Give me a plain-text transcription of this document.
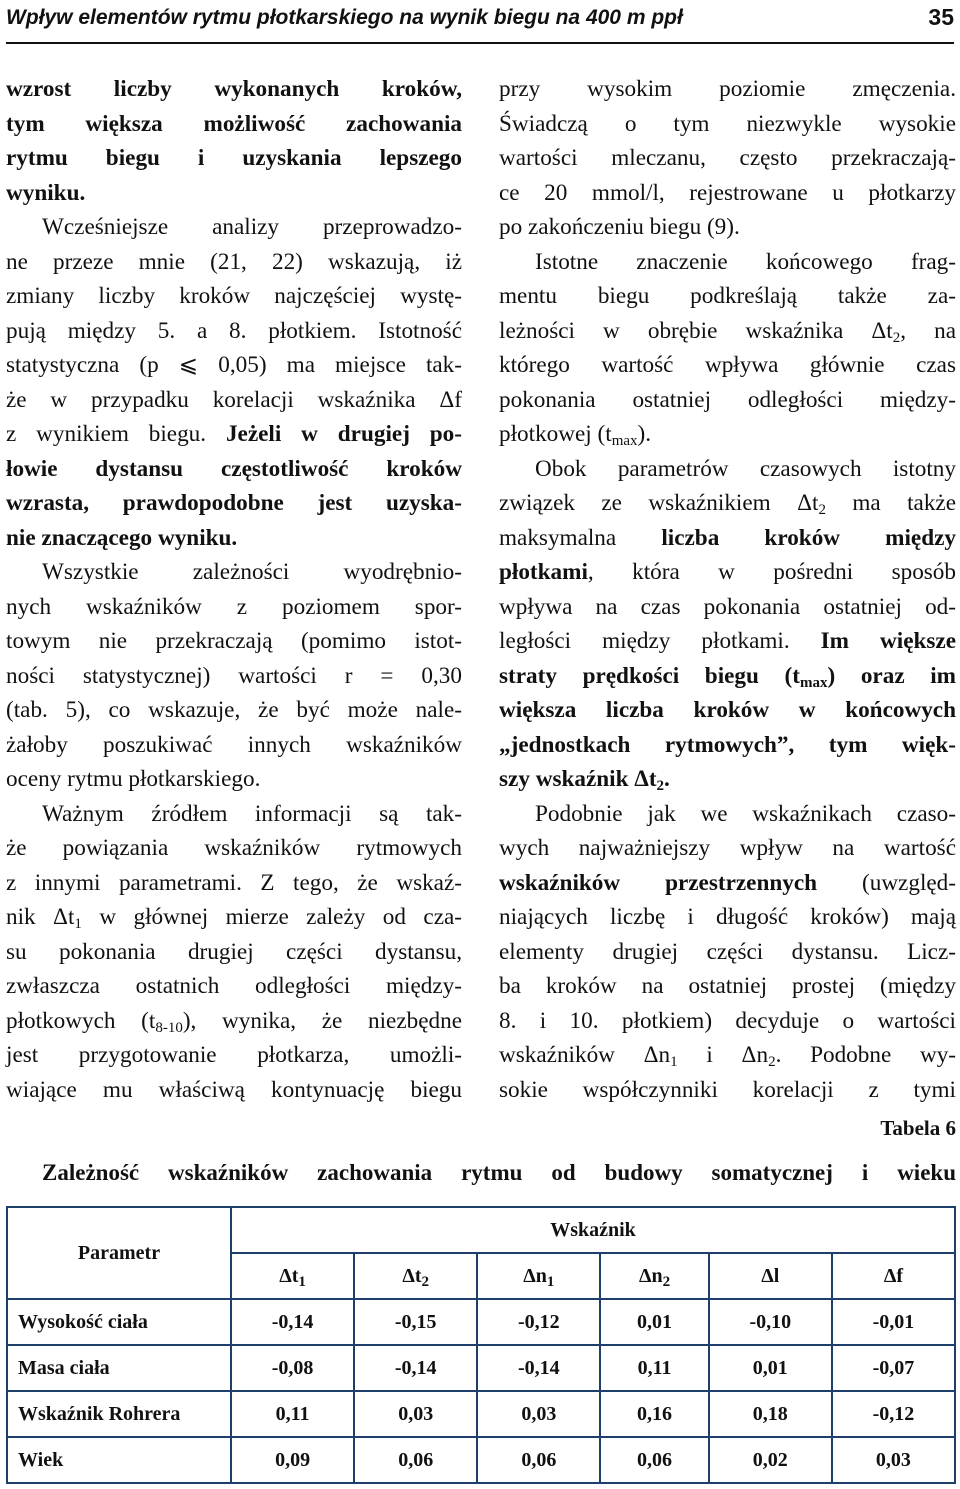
Wpływ elementów rytmu płotkarskiego na wynik biegu na 400 m ppł	35

wzrost liczby wykonanych kroków,
tym większa możliwość zachowania
rytmu biegu i uzyskania lepszego
wyniku.

Wcześniejsze analizy przeprowadzo-
ne przeze mnie (21, 22) wskazują, iż
zmiany liczby kroków najczęściej wystę-
pują między 5. a 8. płotkiem. Istotność
statystyczna (p ⩽ 0,05) ma miejsce tak-
że w przypadku korelacji wskaźnika Δf
z wynikiem biegu. Jeżeli w drugiej po-
łowie dystansu częstotliwość kroków
wzrasta, prawdopodobne jest uzyska-
nie znaczącego wyniku.

Wszystkie zależności wyodrębnio-
nych wskaźników z poziomem spor-
towym nie przekraczają (pomimo istot-
ności statystycznej) wartości r = 0,30
(tab. 5), co wskazuje, że być może nale-
żałoby poszukiwać innych wskaźników
oceny rytmu płotkarskiego.

Ważnym źródłem informacji są tak-
że powiązania wskaźników rytmowych
z innymi parametrami. Z tego, że wskaź-
nik $\Delta t_1$ w głównej mierze zależy od cza-
su pokonania drugiej części dystansu,
zwłaszcza ostatnich odległości między-
płotkowych $(t_{8-10})$, wynika, że niezbędne
jest przygotowanie płotkarza, umożli-
wiające mu właściwą kontynuację biegu

przy wysokim poziomie zmęczenia.
Świadczą o tym niezwykle wysokie
wartości mleczanu, często przekraczają-
ce 20 mmol/l, rejestrowane u płotkarzy
po zakończeniu biegu (9).

Istotne znaczenie końcowego frag-
mentu biegu podkreślają także za-
leżności w obrębie wskaźnika $\Delta t_2$, na
którego wartość wpływa głównie czas
pokonania ostatniej odległości między-
płotkowej $(t_{max})$.

Obok parametrów czasowych istotny
związek ze wskaźnikiem $\Delta t_2$ ma także
maksymalna liczba kroków między
płotkami, która w pośredni sposób
wpływa na czas pokonania ostatniej od-
ległości między płotkami. Im większe
straty prędkości biegu $(t_{max})$ oraz im
większa liczba kroków w końcowych
„jednostkach rytmowych”, tym więk-
szy wskaźnik $\Delta t_2$.

Podobnie jak we wskaźnikach czaso-
wych najważniejszy wpływ na wartość
wskaźników przestrzennych (uwzględ-
niających liczbę i długość kroków) mają
elementy drugiej części dystansu. Licz-
ba kroków na ostatniej prostej (między
8. i 10. płotkiem) decyduje o wartości
wskaźników $\Delta n_1$ i $\Delta n_2$. Podobne wy-
sokie współczynniki korelacji z tymi

Tabela 6
Zależność wskaźników zachowania rytmu od budowy somatycznej i wieku
Parametr	Wskaźnik					
	$\Delta t_1$	$\Delta t_2$	$\Delta n_1$	$\Delta n_2$	Δl	Δf
Wysokość ciała	-0,14	-0,15	-0,12	0,01	-0,10	-0,01
Masa ciała	-0,08	-0,14	-0,14	0,11	0,01	-0,07
Wskaźnik Rohrera	0,11	0,03	0,03	0,16	0,18	-0,12
Wiek	0,09	0,06	0,06	0,06	0,02	0,03
